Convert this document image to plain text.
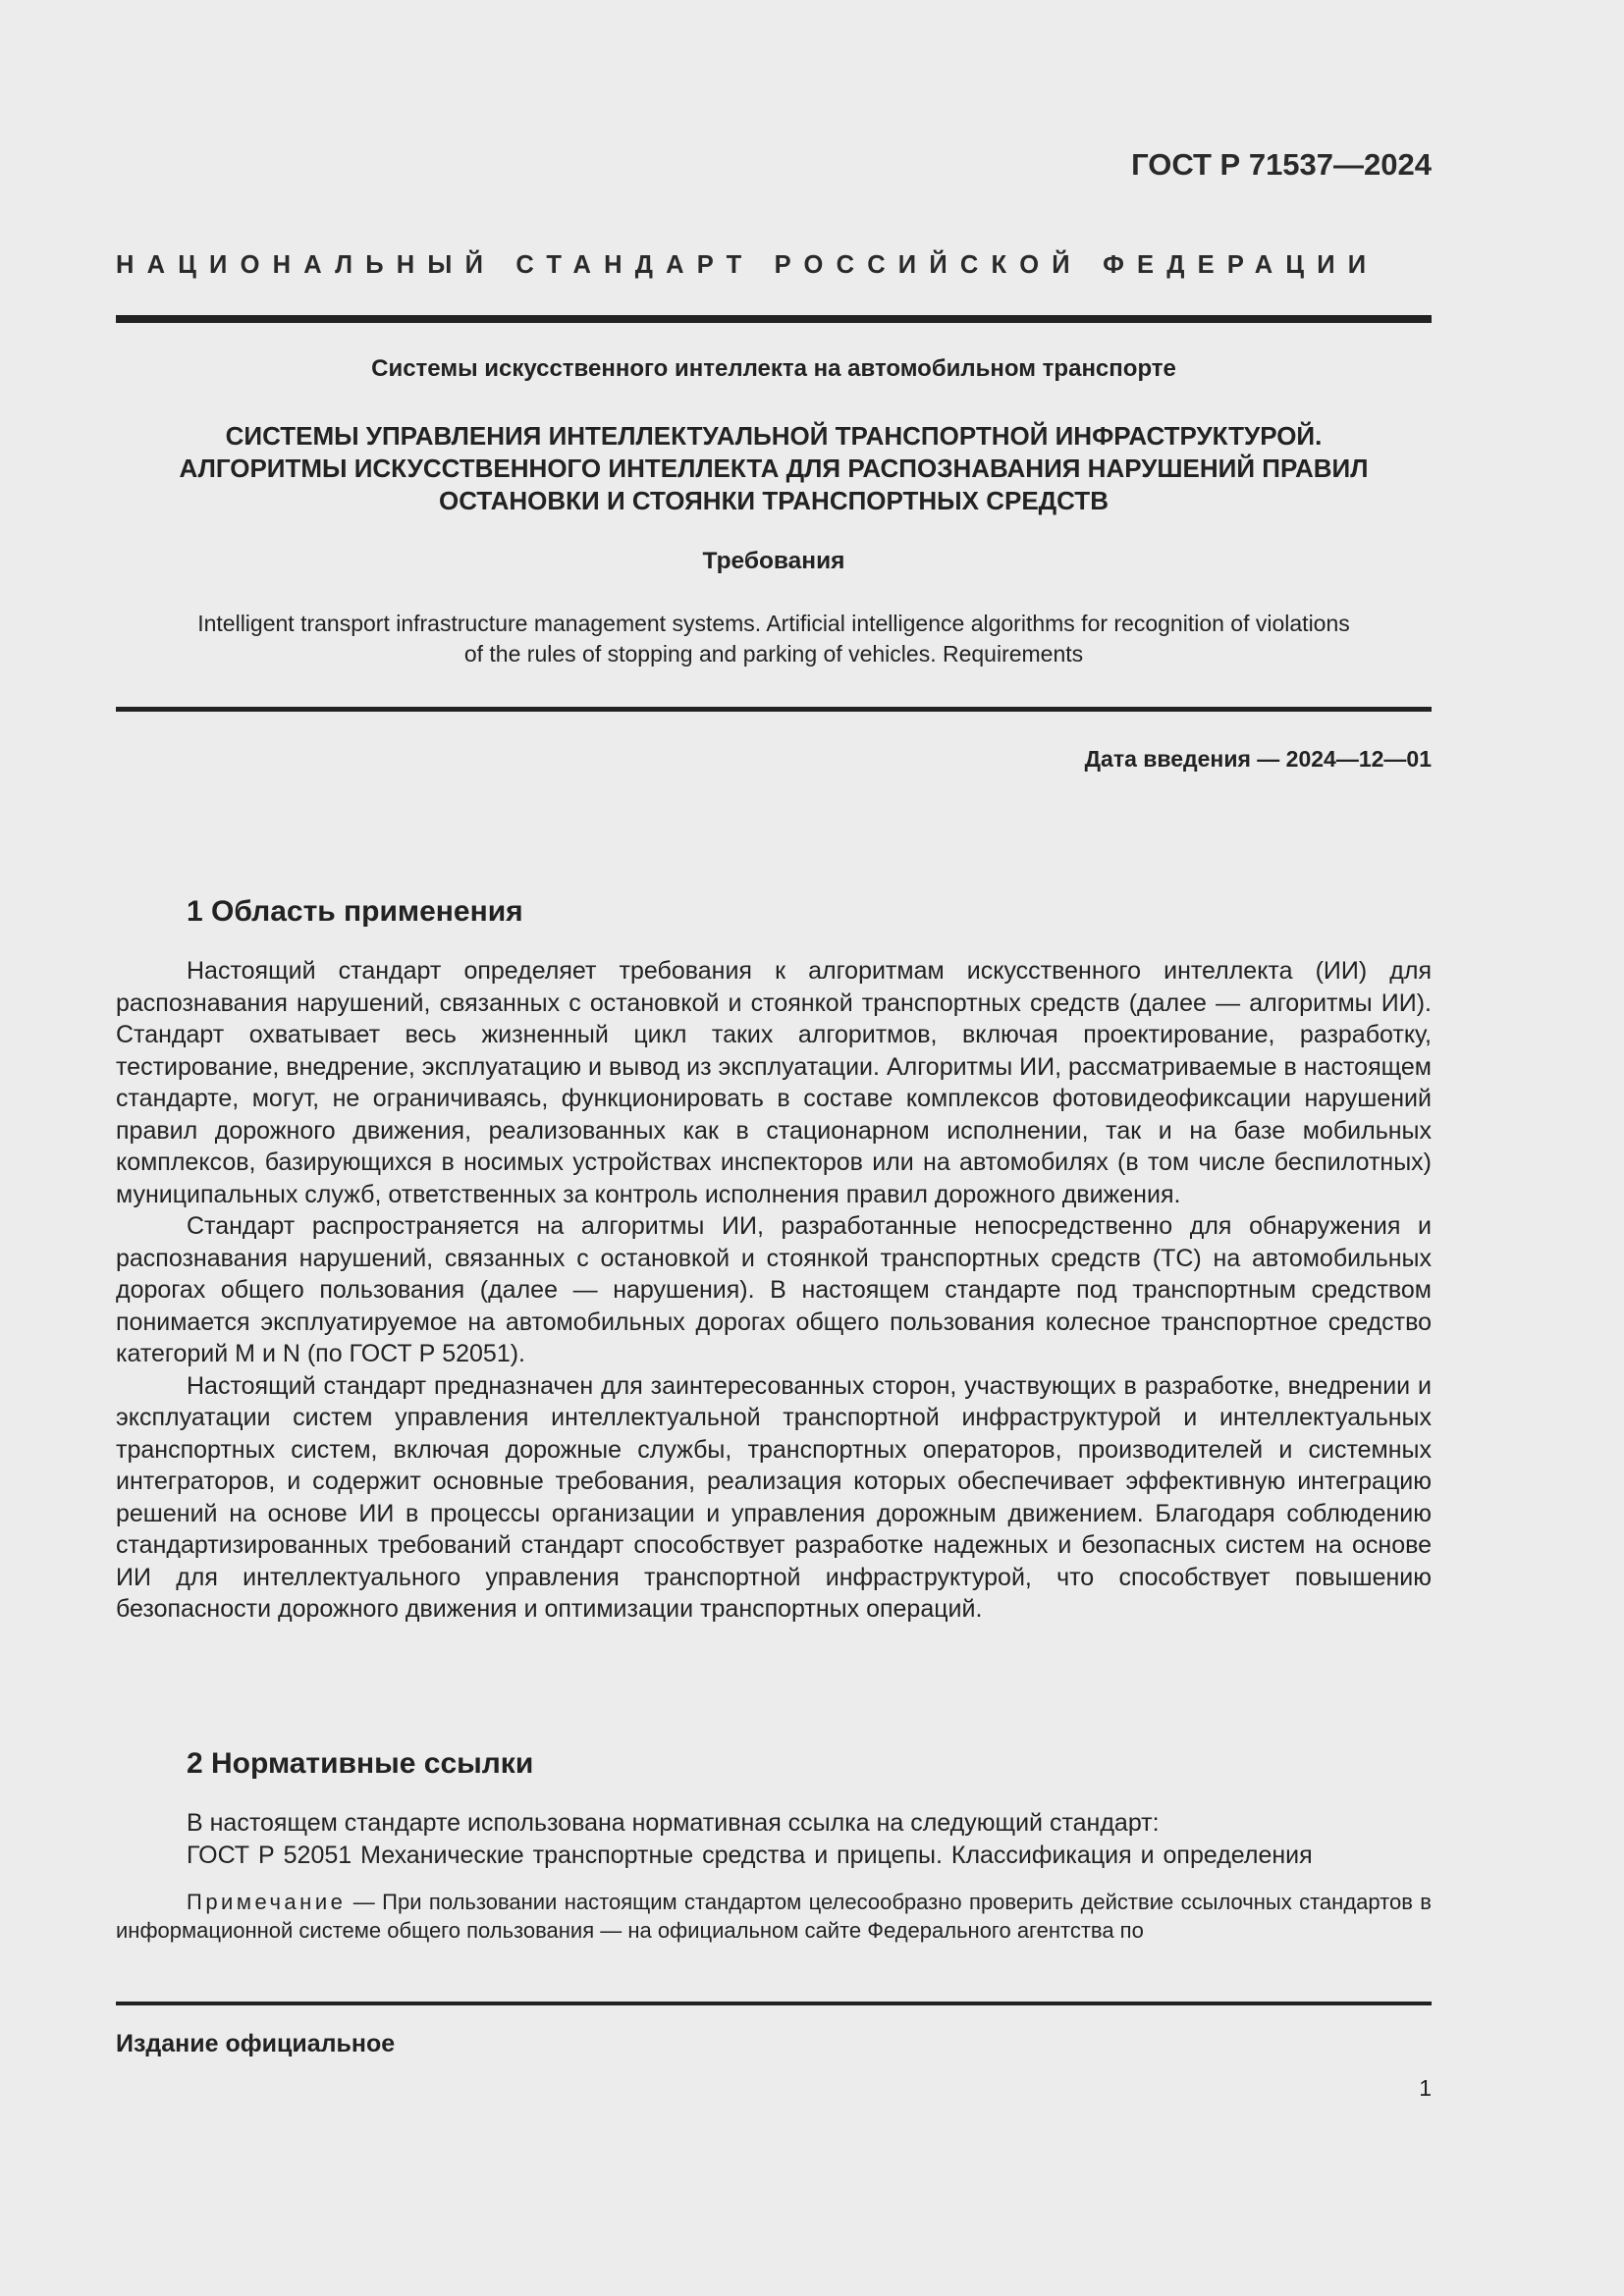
ГОСТ Р 71537—2024
НАЦИОНАЛЬНЫЙ СТАНДАРТ РОССИЙСКОЙ ФЕДЕРАЦИИ
Системы искусственного интеллекта на автомобильном транспорте
СИСТЕМЫ УПРАВЛЕНИЯ ИНТЕЛЛЕКТУАЛЬНОЙ ТРАНСПОРТНОЙ ИНФРАСТРУКТУРОЙ.
АЛГОРИТМЫ ИСКУССТВЕННОГО ИНТЕЛЛЕКТА ДЛЯ РАСПОЗНАВАНИЯ НАРУШЕНИЙ ПРАВИЛ
ОСТАНОВКИ И СТОЯНКИ ТРАНСПОРТНЫХ СРЕДСТВ
Требования
Intelligent transport infrastructure management systems. Artificial intelligence algorithms for recognition of violations
of the rules of stopping and parking of vehicles. Requirements
Дата введения — 2024—12—01
1 Область применения

Настоящий стандарт определяет требования к алгоритмам искусственного интеллекта (ИИ) для распознавания нарушений, связанных с остановкой и стоянкой транспортных средств (далее — алгоритмы ИИ). Стандарт охватывает весь жизненный цикл таких алгоритмов, включая проектирование, разработку, тестирование, внедрение, эксплуатацию и вывод из эксплуатации. Алгоритмы ИИ, рассматриваемые в настоящем стандарте, могут, не ограничиваясь, функционировать в составе комплексов фотовидеофиксации нарушений правил дорожного движения, реализованных как в стационарном исполнении, так и на базе мобильных комплексов, базирующихся в носимых устройствах инспекторов или на автомобилях (в том числе беспилотных) муниципальных служб, ответственных за контроль исполнения правил дорожного движения.

Стандарт распространяется на алгоритмы ИИ, разработанные непосредственно для обнаружения и распознавания нарушений, связанных с остановкой и стоянкой транспортных средств (ТС) на автомобильных дорогах общего пользования (далее — нарушения). В настоящем стандарте под транспортным средством понимается эксплуатируемое на автомобильных дорогах общего пользования колесное транспортное средство категорий М и N (по ГОСТ Р 52051).

Настоящий стандарт предназначен для заинтересованных сторон, участвующих в разработке, внедрении и эксплуатации систем управления интеллектуальной транспортной инфраструктурой и интеллектуальных транспортных систем, включая дорожные службы, транспортных операторов, производителей и системных интеграторов, и содержит основные требования, реализация которых обеспечивает эффективную интеграцию решений на основе ИИ в процессы организации и управления дорожным движением. Благодаря соблюдению стандартизированных требований стандарт способствует разработке надежных и безопасных систем на основе ИИ для интеллектуального управления транспортной инфраструктурой, что способствует повышению безопасности дорожного движения и оптимизации транспортных операций.

2 Нормативные ссылки

В настоящем стандарте использована нормативная ссылка на следующий стандарт:

ГОСТ Р 52051 Механические транспортные средства и прицепы. Классификация и определения

Примечание — При пользовании настоящим стандартом целесообразно проверить действие ссылочных стандартов в информационной системе общего пользования — на официальном сайте Федерального агентства по

Издание официальное
1
